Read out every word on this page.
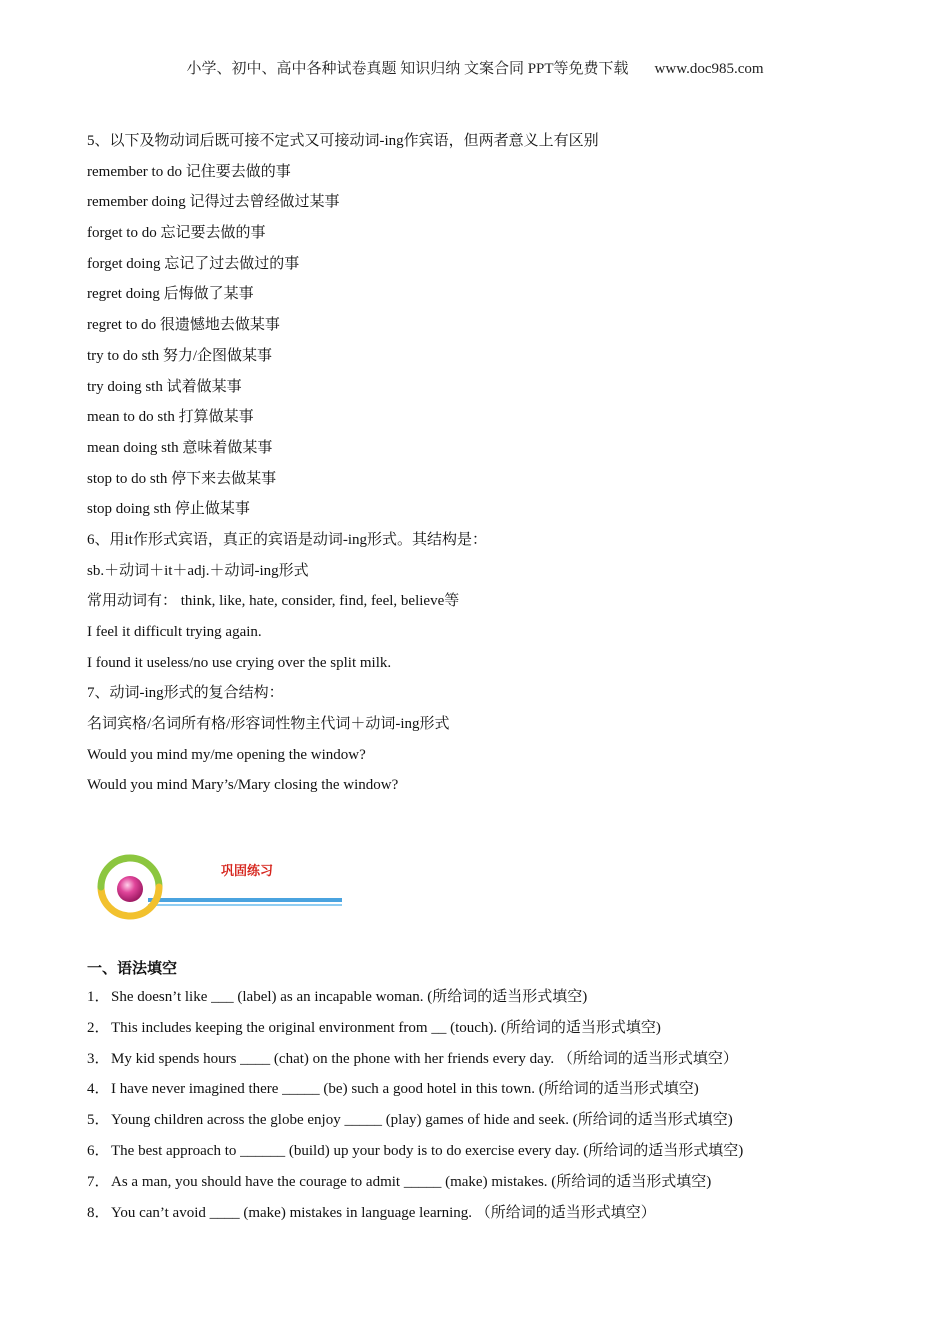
小学、初中、高中各种试卷真题 知识归纳 文案合同 PPT等免费下载 www.doc985.com
5、以下及物动词后既可接不定式又可接动词-ing作宾语，但两者意义上有区别
remember to do 记住要去做的事
remember doing 记得过去曾经做过某事
forget to do 忘记要去做的事
forget doing 忘记了过去做过的事
regret doing 后悔做了某事
regret to do 很遗憾地去做某事
try to do sth 努力/企图做某事
try doing sth 试着做某事
mean to do sth 打算做某事
mean doing sth 意味着做某事
stop to do sth 停下来去做某事
stop doing sth 停止做某事
6、用it作形式宾语，真正的宾语是动词-ing形式。其结构是：
sb.＋动词＋it＋adj.＋动词-ing形式
常用动词有： think, like, hate, consider, find, feel, believe等
I feel it difficult trying again.
I found it useless/no use crying over the split milk.
7、动词-ing形式的复合结构：
名词宾格/名词所有格/形容词性物主代词＋动词-ing形式
Would you mind my/me opening the window?
Would you mind Mary’s/Mary closing the window?
巩固练习
一、语法填空
1．She doesn’t like ___ (label) as an incapable woman. (所给词的适当形式填空)
2．This includes keeping the original environment from __ (touch). (所给词的适当形式填空)
3．My kid spends hours ____ (chat) on the phone with her friends every day. （所给词的适当形式填空）
4．I have never imagined there _____ (be) such a good hotel in this town. (所给词的适当形式填空)
5．Young children across the globe enjoy _____ (play) games of hide and seek. (所给词的适当形式填空)
6．The best approach to ______ (build) up your body is to do exercise every day. (所给词的适当形式填空)
7．As a man, you should have the courage to admit _____ (make) mistakes. (所给词的适当形式填空)
8．You can’t avoid ____ (make) mistakes in language learning. （所给词的适当形式填空）
